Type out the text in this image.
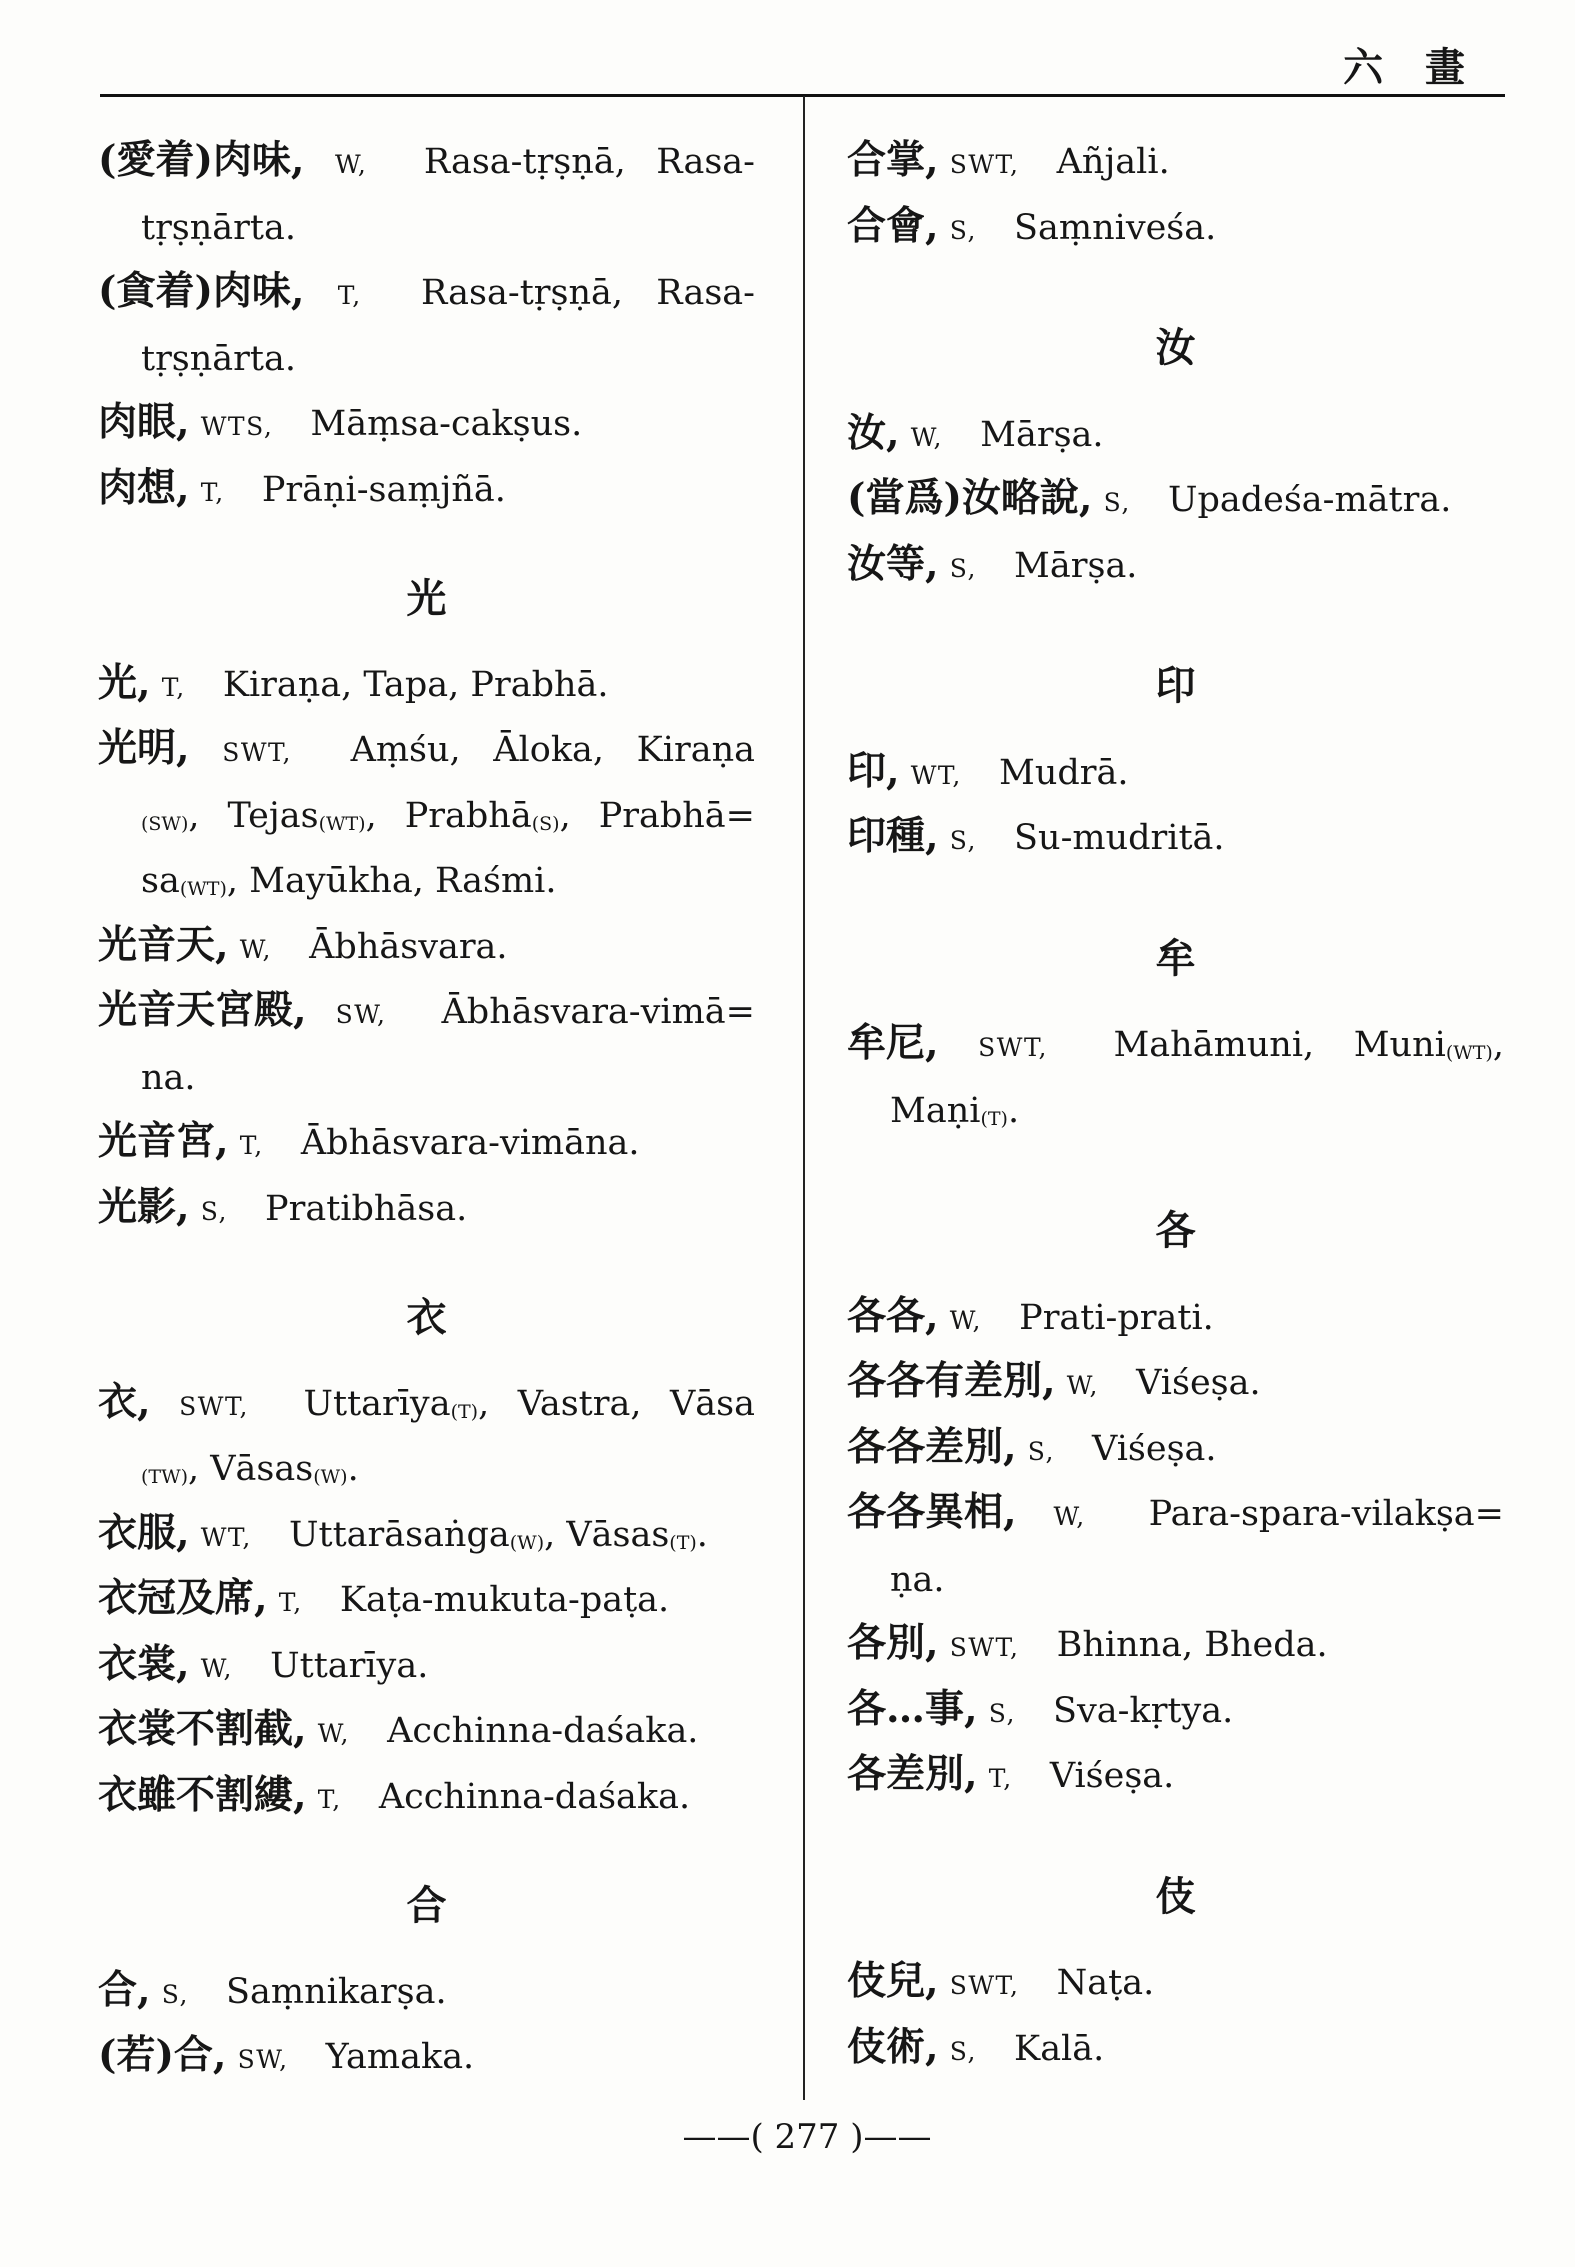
六 畫
(愛着)肉味, W, Rasa-tṛṣṇā, Rasa-
tṛṣṇārta.
(貪着)肉味, T, Rasa-tṛṣṇā, Rasa-
tṛṣṇārta.
肉眼, WTS, Māṃsa-cakṣus.
肉想, T, Prāṇi-saṃjñā.
光
光, T, Kiraṇa, Tapa, Prabhā.
光明, SWT, Aṃśu, Āloka, Kiraṇa
(SW), Tejas(WT), Prabhā(S), Prabhā=
sa(WT), Mayūkha, Raśmi.
光音天, W, Ābhāsvara.
光音天宮殿, SW, Ābhāsvara-vimā=
na.
光音宮, T, Ābhāsvara-vimāna.
光影, S, Pratibhāsa.
衣
衣, SWT, Uttarīya(T), Vastra, Vāsa
(TW), Vāsas(W).
衣服, WT, Uttarāsaṅga(W), Vāsas(T).
衣冠及席, T, Kaṭa-mukuta-paṭa.
衣裳, W, Uttarīya.
衣裳不割截, W, Acchinna-daśaka.
衣雖不割縷, T, Acchinna-daśaka.
合
合, S, Saṃnikarṣa.
(若)合, SW, Yamaka.
合掌, SWT, Añjali.
合會, S, Saṃniveśa.
汝
汝, W, Mārṣa.
(當爲)汝略說, S, Upadeśa-mātra.
汝等, S, Mārṣa.
印
印, WT, Mudrā.
印種, S, Su-mudritā.
牟
牟尼, SWT, Mahāmuni, Muni(WT),
Maṇi(T).
各
各各, W, Prati-prati.
各各有差別, W, Viśeṣa.
各各差別, S, Viśeṣa.
各各異相, W, Para-spara-vilakṣa=
ṇa.
各別, SWT, Bhinna, Bheda.
各…事, S, Sva-kṛtya.
各差別, T, Viśeṣa.
伎
伎兒, SWT, Naṭa.
伎術, S, Kalā.
——( 277 )——
